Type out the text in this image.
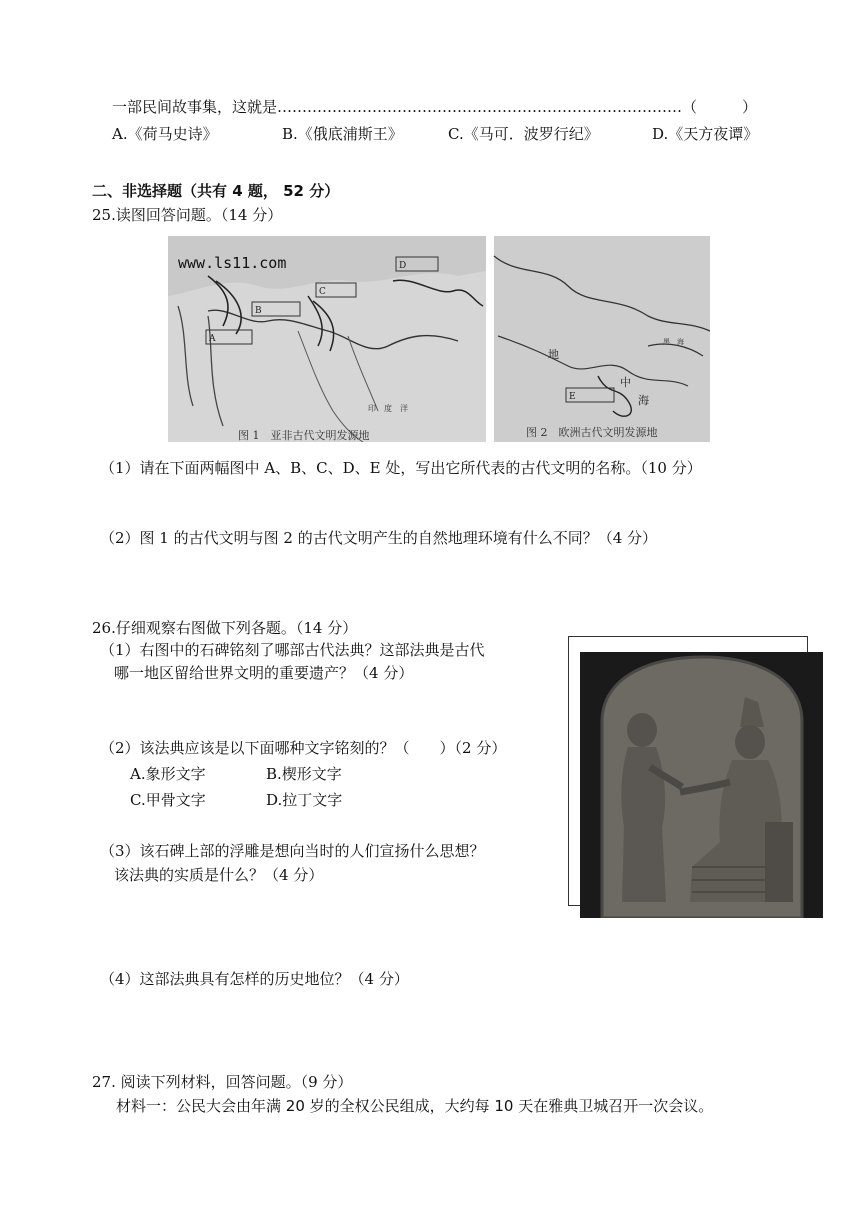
一部民间故事集，这就是………………………………………………………………………（　　　）
A.《荷马史诗》	B.《俄底浦斯王》	C.《马可．波罗行纪》	D.《天方夜谭》
二、非选择题（共有 4 题， 52 分）
25.读图回答问题。（14 分）
A
B
C
D
www.ls11.com
印　度　洋
图 1　亚非古代文明发源地
E
地
中
海
黑　海
图 2　欧洲古代文明发源地
（1）请在下面两幅图中 A、B、C、D、E 处，写出它所代表的古代文明的名称。（10 分）
（2）图 1 的古代文明与图 2 的古代文明产生的自然地理环境有什么不同？（4 分）
26.仔细观察右图做下列各题。（14 分）
（1）右图中的石碑铭刻了哪部古代法典？这部法典是古代
哪一地区留给世界文明的重要遗产？（4 分）
（2）该法典应该是以下面哪种文字铭刻的？（　　）（2 分）
A.象形文字	B.楔形文字
C.甲骨文字	D.拉丁文字
（3）该石碑上部的浮雕是想向当时的人们宣扬什么思想？
该法典的实质是什么？（4 分）
（4）这部法典具有怎样的历史地位？（4 分）
27. 阅读下列材料，回答问题。（9 分）
材料一：公民大会由年满 20 岁的全权公民组成，大约每 10 天在雅典卫城召开一次会议。
